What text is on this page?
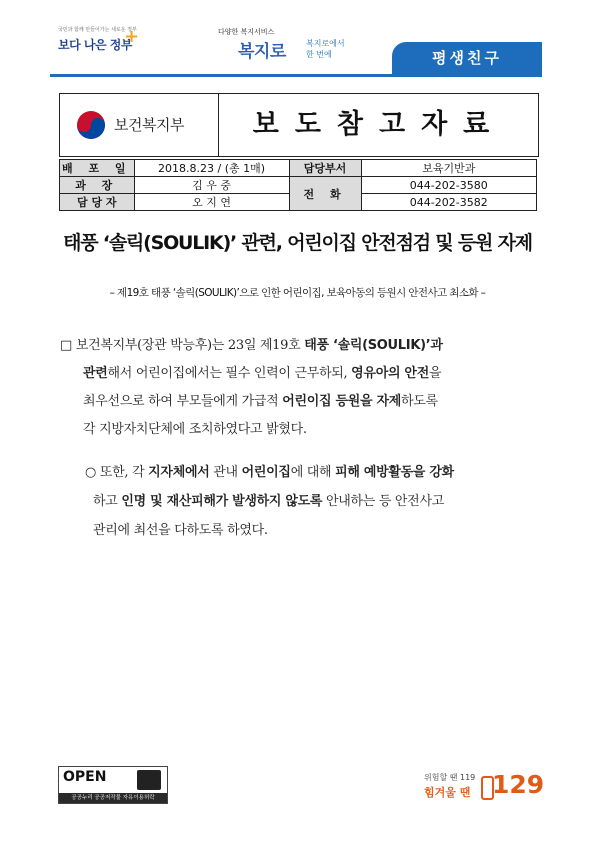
국민과 함께 만들어가는 새로운 정부
보다 나은 정부
+	다양한 복지서비스
복지로	복지로에서
한 번에	평생친구
보건복지부	보도참고자료
배 포 일	2018.8.23 / (총 1매)	담당부서	보육기반과
과 장	김 우 중	전 화	044-202-3580
담 당 자	오 지 연		044-202-3582
태풍 ‘솔릭(SOULIK)’ 관련, 어린이집 안전점검 및 등원 자제
– 제19호 태풍 ‘솔릭(SOULIK)’으로 인한 어린이집, 보육아동의 등원시 안전사고 최소화 –
□ 보건복지부(장관 박능후)는 23일 제19호 태풍 ‘솔릭(SOULIK)’과
관련해서 어린이집에서는 필수 인력이 근무하되, 영유아의 안전을
최우선으로 하여 부모들에게 가급적 어린이집 등원을 자제하도록
각 지방자치단체에 조치하였다고 밝혔다.
○ 또한, 각 지자체에서 관내 어린이집에 대해 피해 예방활동을 강화
하고 인명 및 재산피해가 발생하지 않도록 안내하는 등 안전사고
관리에 최선을 다하도록 하였다.
OPEN
공공누리 공공저작물 자유이용허락
위험할 땐 119
힘겨울 땐 129
